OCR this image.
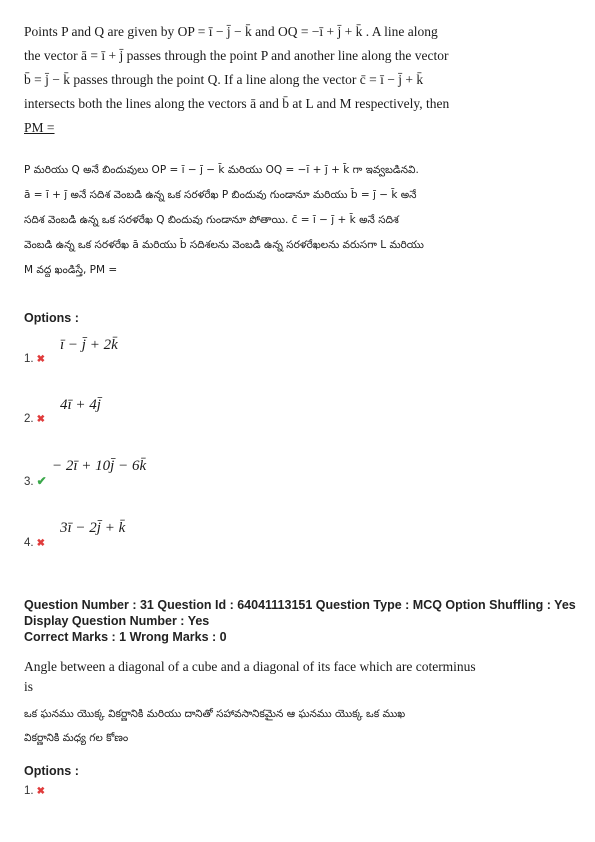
Points P and Q are given by OP = ī − j̄ − k̄ and OQ = −ī + j̄ + k̄ . A line along
the vector ā = ī + j̄ passes through the point P and another line along the vector
b̄ = j̄ − k̄ passes through the point Q. If a line along the vector c̄ = ī − j̄ + k̄
intersects both the lines along the vectors ā and b̄ at L and M respectively, then
PM =
P మరియు Q అనే బిందువులు OP = ī − j̄ − k̄ మరియు OQ = −ī + j̄ + k̄ గా ఇవ్వబడినవి.
ā = ī + j̄ అనే సదిశ వెంబడి ఉన్న ఒక సరళరేఖ P బిందువు గుండానూ మరియు b̄ = j̄ − k̄ అనే
సదిశ వెంబడి ఉన్న ఒక సరళరేఖ Q బిందువు గుండానూ పోతాయి. c̄ = ī − j̄ + k̄ అనే సదిశ
వెంబడి ఉన్న ఒక సరళరేఖ ā మరియు b̄ సదిశలను వెంబడి ఉన్న సరళరేఖలను వరుసగా L మరియు
M వద్ద ఖండిస్తే, PM =
Options :
ī − j̄ + 2k̄
1. ✖
4ī + 4j̄
2. ✖
− 2ī + 10j̄ − 6k̄
3. ✔
3ī − 2j̄ + k̄
4. ✖
Question Number : 31 Question Id : 64041113151 Question Type : MCQ Option Shuffling : Yes
Display Question Number : Yes
Correct Marks : 1 Wrong Marks : 0
Angle between a diagonal of a cube and a diagonal of its face which are coterminus
is
ఒక ఘనము యొక్క వికర్ణానికి మరియు దానితో సహావసానికమైన ఆ ఘనము యొక్క ఒక ముఖ
వికర్ణానికి మధ్య గల కోణం
Options :
1. ✖
